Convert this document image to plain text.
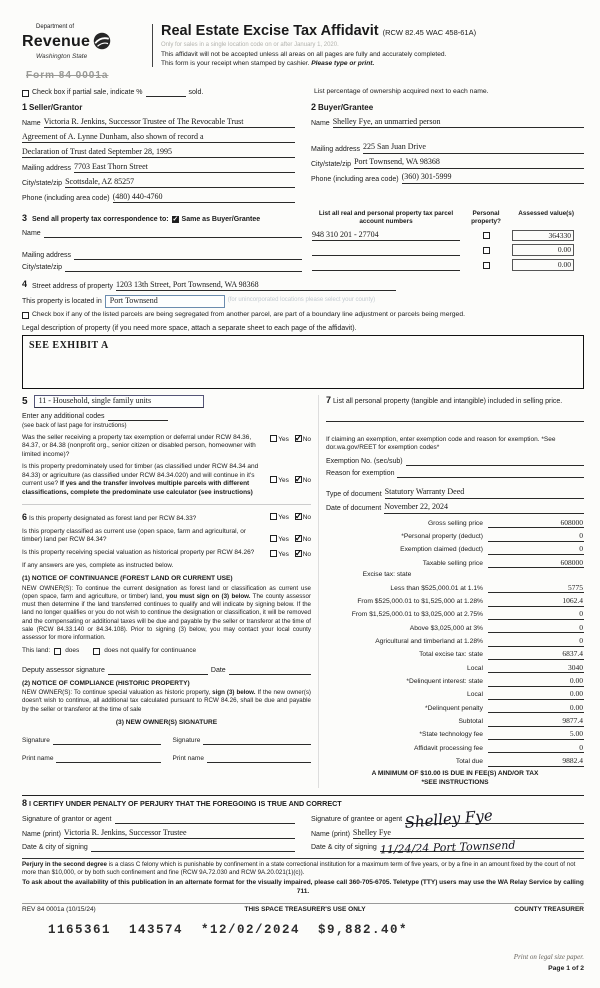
Department of
Revenue
Washington State
Real Estate Excise Tax Affidavit (RCW 82.45 WAC 458-61A)
Only for sales in a single location code on or after January 1, 2020.
This affidavit will not be accepted unless all areas on all pages are fully and accurately completed.
This form is your receipt when stamped by cashier. Please type or print.
Form 84 0001a
Check box if partial sale, indicate %	sold.	List percentage of ownership acquired next to each name.
1 Seller/Grantor
Name Victoria R. Jenkins, Successor Trustee of The Revocable Trust
Agreement of A. Lynne Dunham, also shown of record a
Declaration of Trust dated September 28, 1995
Mailing address 7703 East Thorn Street
City/state/zip Scottsdale, AZ 85257
Phone (including area code) (480) 440-4760
2 Buyer/Grantee
Name Shelley Fye, an unmarried person
Mailing address 225 San Juan Drive
City/state/zip Port Townsend, WA 98368
Phone (including area code) (360) 301-5999
3 Send all property tax correspondence to: ✓ Same as Buyer/Grantee
Name
Mailing address
City/state/zip
List all real and personal property tax parcel account numbers
Personal property?
Assessed value(s)
948 310 201 - 27704	364330
0.00
0.00
4 Street address of property 1203 13th Street, Port Townsend, WA 98368
This property is located in	Port Townsend	(for unincorporated locations please select your county)
Check box if any of the listed parcels are being segregated from another parcel, are part of a boundary line adjustment or parcels being merged.
Legal description of property (if you need more space, attach a separate sheet to each page of the affidavit).
SEE EXHIBIT A
5	11 - Household, single family units
Enter any additional codes
(see back of last page for instructions)
Was the seller receiving a property tax exemption or deferral under RCW 84.36, 84.37, or 84.38 (nonprofit org., senior citizen or disabled person, homeowner with limited income)?
Yes ✓ No
Is this property predominately used for timber (as classified under RCW 84.34 and 84.33) or agriculture (as classified under RCW 84.34.020) and will continue in it's current use? If yes and the transfer involves multiple parcels with different classifications, complete the predominate use calculator (see instructions)
Yes ✓ No
6 Is this property designated as forest land per RCW 84.33?	Yes ✓ No
Is this property classified as current use (open space, farm and agricultural, or timber) land per RCW 84.34?	Yes ✓ No
Is this property receiving special valuation as historical property per RCW 84.26?	Yes ✓ No
If any answers are yes, complete as instructed below.
(1) NOTICE OF CONTINUANCE (FOREST LAND OR CURRENT USE)
NEW OWNER(S): To continue the current designation as forest land or classification as current use (open space, farm and agriculture, or timber) land, you must sign on (3) below. The county assessor must then determine if the land transferred continues to qualify and will indicate by signing below. If the land no longer qualifies or you do not wish to continue the designation or classification, it will be removed and the compensating or additional taxes will be due and payable by the seller or transferor at the time of sale (RCW 84.33.140 or 84.34.108). Prior to signing (3) below, you may contact your local county assessor for more information.
This land: does	does not qualify for continuance
Deputy assessor signature	Date
(2) NOTICE OF COMPLIANCE (HISTORIC PROPERTY)
NEW OWNER(S): To continue special valuation as historic property, sign (3) below. If the new owner(s) doesn't wish to continue, all additional tax calculated pursuant to RCW 84.26, shall be due and payable by the seller or transferor at the time of sale
(3) NEW OWNER(S) SIGNATURE
Signature	Signature
Print name	Print name
7 List all personal property (tangible and intangible) included in selling price.
If claiming an exemption, enter exemption code and reason for exemption. *See dor.wa.gov/REET for exemption codes*
Exemption No. (sec/sub)
Reason for exemption
Type of document Statutory Warranty Deed
Date of document November 22, 2024
Gross selling price	608000
*Personal property (deduct)	0
Exemption claimed (deduct)	0
Taxable selling price	608000
Excise tax: state
Less than $525,000.01 at 1.1%	5775
From $525,000.01 to $1,525,000 at 1.28%	1062.4
From $1,525,000.01 to $3,025,000 at 2.75%	0
Above $3,025,000 at 3%	0
Agricultural and timberland at 1.28%	0
Total excise tax: state	6837.4
Local	3040
*Delinquent interest: state	0.00
Local	0.00
*Delinquent penalty	0.00
Subtotal	9877.4
*State technology fee	5.00
Affidavit processing fee	0
Total due	9882.4
A MINIMUM OF $10.00 IS DUE IN FEE(S) AND/OR TAX
*SEE INSTRUCTIONS
8 I CERTIFY UNDER PENALTY OF PERJURY THAT THE FOREGOING IS TRUE AND CORRECT
Signature of grantor or agent
Name (print) Victoria R. Jenkins, Successor Trustee
Date & city of signing
Signature of grantee or agent Shelley Fye
Name (print) Shelley Fye
Date & city of signing 11/24/24 Port Townsend
Perjury in the second degree is a class C felony which is punishable by confinement in a state correctional institution for a maximum term of five years, or by a fine in an amount fixed by the court of not more than $10,000, or by both such confinement and fine (RCW 9A.72.030 and RCW 9A.20.021(1)(c)).
To ask about the availability of this publication in an alternate format for the visually impaired, please call 360-705-6705. Teletype (TTY) users may use the WA Relay Service by calling 711.
REV 84 0001a (10/15/24)	THIS SPACE TREASURER'S USE ONLY	COUNTY TREASURER
1165361  143574  *12/02/2024  $9,882.40*
Print on legal size paper.
Page 1 of 2
